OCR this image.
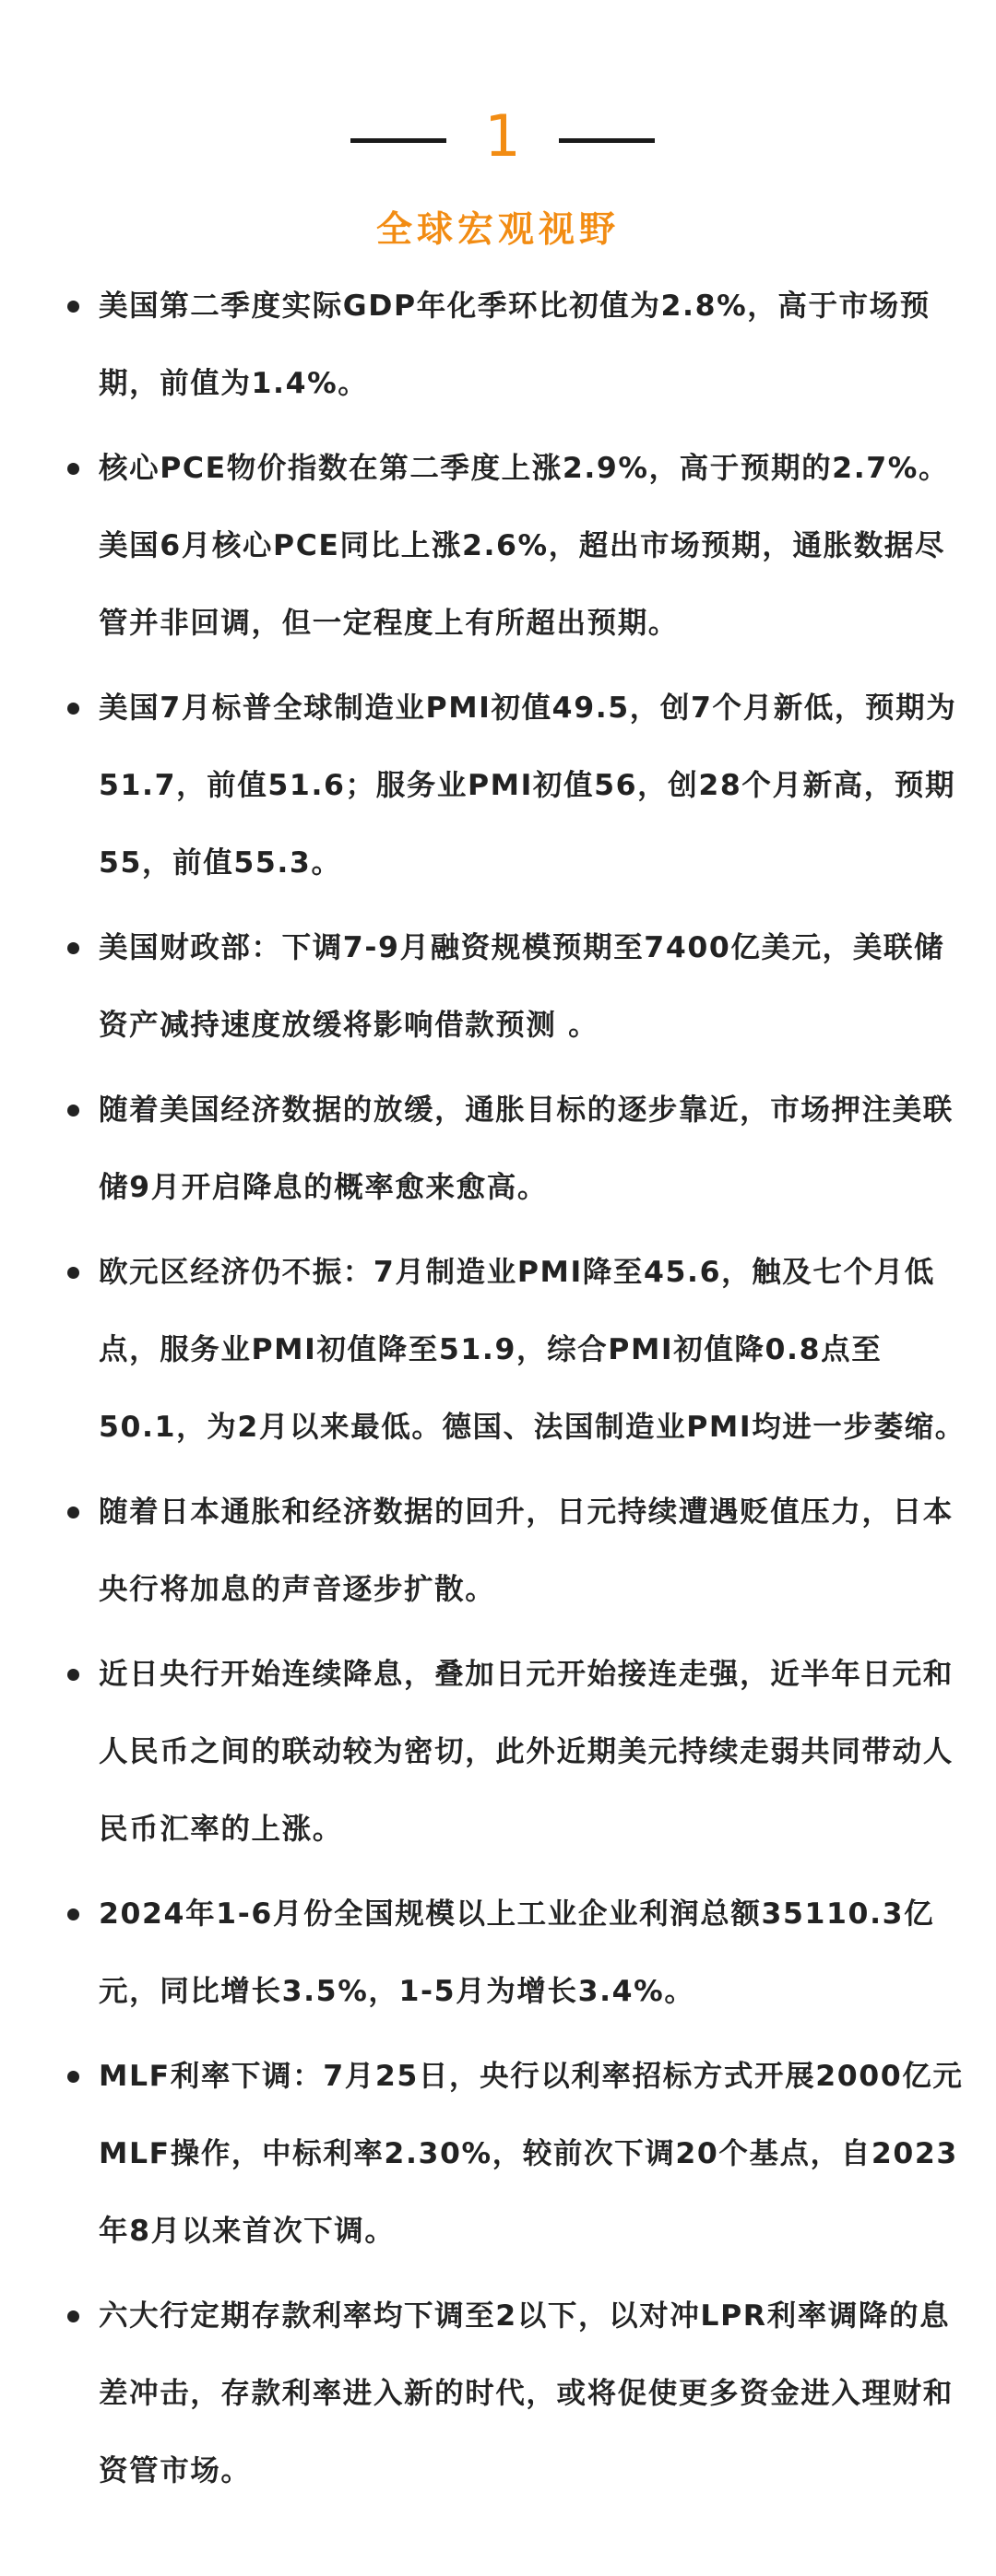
1
全球宏观视野
美国第二季度实际GDP年化季环比初值为2.8%，高于市场预期，前值为1.4%。
核心PCE物价指数在第二季度上涨2.9%，高于预期的2.7%。美国6月核心PCE同比上涨2.6%，超出市场预期，通胀数据尽管并非回调，但一定程度上有所超出预期。
美国7月标普全球制造业PMI初值49.5，创7个月新低，预期为51.7，前值51.6；服务业PMI初值56，创28个月新高，预期55，前值55.3。
美国财政部：下调7-9月融资规模预期至7400亿美元，美联储资产减持速度放缓将影响借款预测 。
随着美国经济数据的放缓，通胀目标的逐步靠近，市场押注美联储9月开启降息的概率愈来愈高。
欧元区经济仍不振：7月制造业PMI降至45.6，触及七个月低点，服务业PMI初值降至51.9，综合PMI初值降0.8点至50.1，为2月以来最低。德国、法国制造业PMI均进一步萎缩。
随着日本通胀和经济数据的回升，日元持续遭遇贬值压力，日本央行将加息的声音逐步扩散。
近日央行开始连续降息，叠加日元开始接连走强，近半年日元和人民币之间的联动较为密切，此外近期美元持续走弱共同带动人民币汇率的上涨。
2024年1-6月份全国规模以上工业企业利润总额35110.3亿元，同比增长3.5%，1-5月为增长3.4%。
MLF利率下调：7月25日，央行以利率招标方式开展2000亿元MLF操作，中标利率2.30%，较前次下调20个基点，自2023年8月以来首次下调。
六大行定期存款利率均下调至2以下，以对冲LPR利率调降的息差冲击，存款利率进入新的时代，或将促使更多资金进入理财和资管市场。
